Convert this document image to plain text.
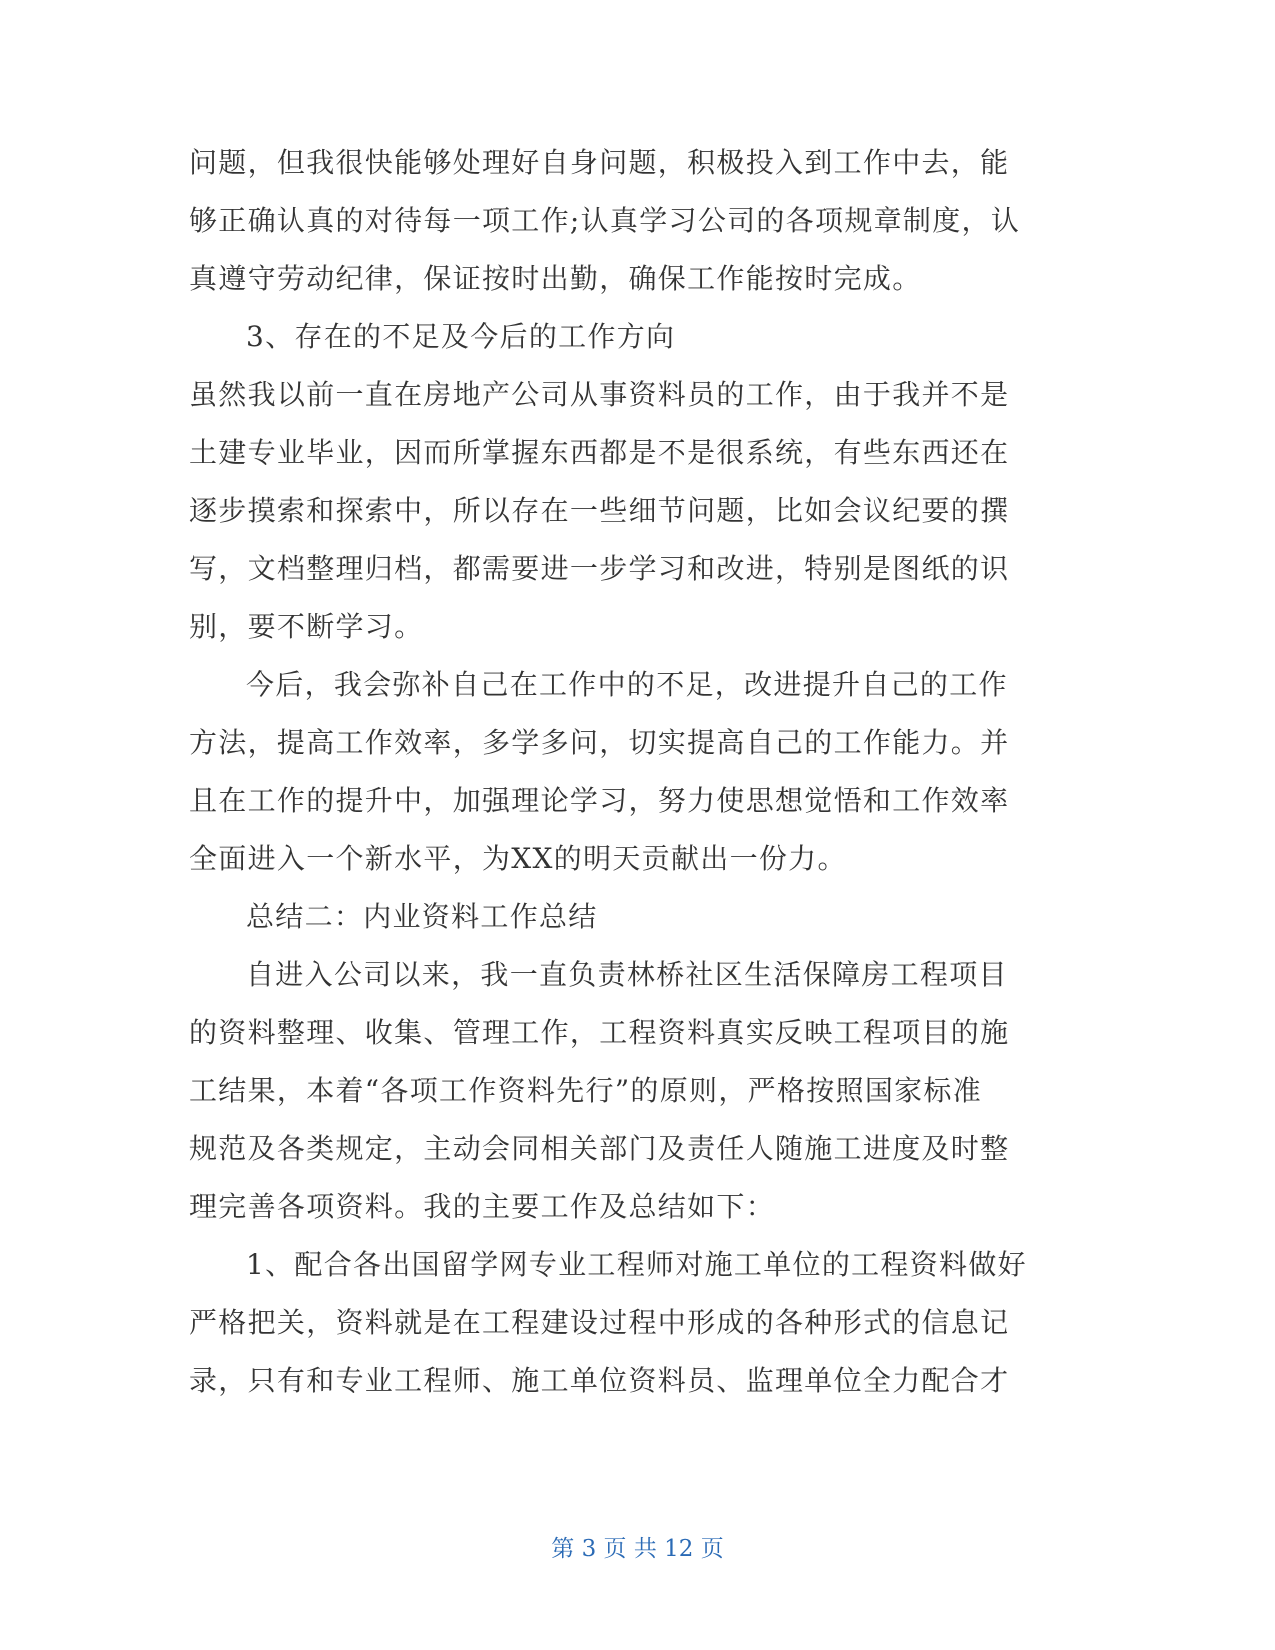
问题，但我很快能够处理好自身问题，积极投入到工作中去，能
够正确认真的对待每一项工作;认真学习公司的各项规章制度，认
真遵守劳动纪律，保证按时出勤，确保工作能按时完成。
3、存在的不足及今后的工作方向
虽然我以前一直在房地产公司从事资料员的工作，由于我并不是
土建专业毕业，因而所掌握东西都是不是很系统，有些东西还在
逐步摸索和探索中，所以存在一些细节问题，比如会议纪要的撰
写，文档整理归档，都需要进一步学习和改进，特别是图纸的识
别，要不断学习。
今后，我会弥补自己在工作中的不足，改进提升自己的工作
方法，提高工作效率，多学多问，切实提高自己的工作能力。并
且在工作的提升中，加强理论学习，努力使思想觉悟和工作效率
全面进入一个新水平，为XX的明天贡献出一份力。
总结二：内业资料工作总结
自进入公司以来，我一直负责林桥社区生活保障房工程项目
的资料整理、收集、管理工作，工程资料真实反映工程项目的施
工结果，本着“各项工作资料先行”的原则，严格按照国家标准
规范及各类规定，主动会同相关部门及责任人随施工进度及时整
理完善各项资料。我的主要工作及总结如下：
1、配合各出国留学网专业工程师对施工单位的工程资料做好
严格把关，资料就是在工程建设过程中形成的各种形式的信息记
录，只有和专业工程师、施工单位资料员、监理单位全力配合才
第 3 页 共 12 页
